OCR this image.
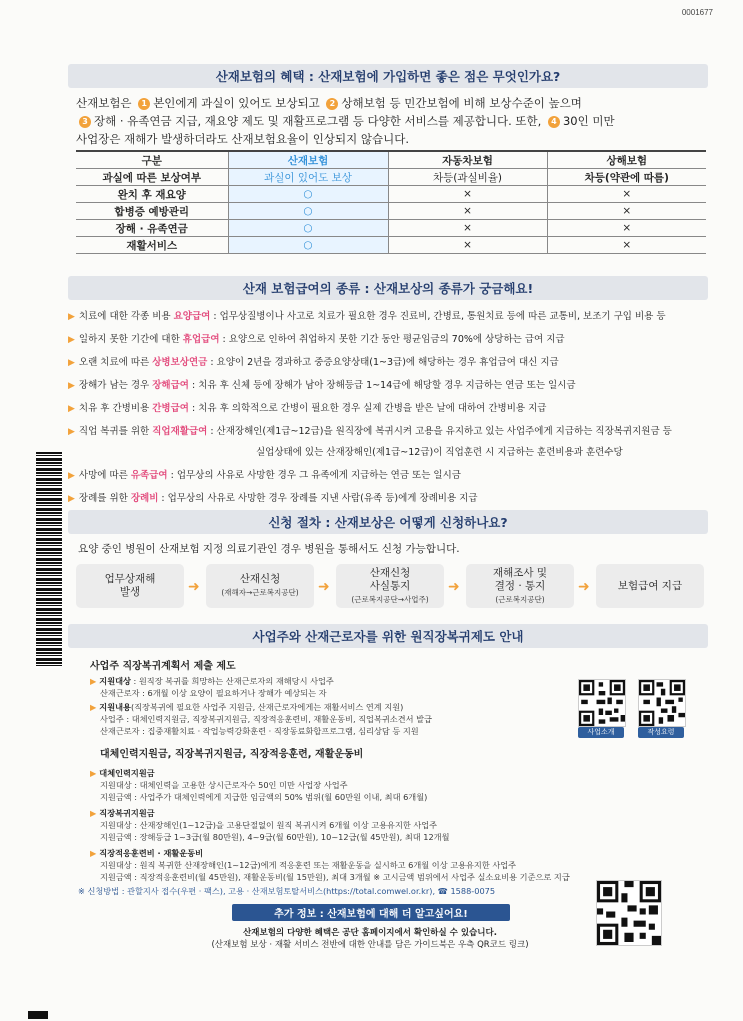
0001677
산재보험의 혜택 : 산재보험에 가입하면 좋은 점은 무엇인가요?
산재보험은 1 본인에게 과실이 있어도 보상되고 2 상해보험 등 민간보험에 비해 보상수준이 높으며
3 장해 · 유족연금 지급, 재요양 제도 및 재활프로그램 등 다양한 서비스를 제공합니다. 또한, 4 30인 미만
사업장은 재해가 발생하더라도 산재보험요율이 인상되지 않습니다.
구분	산재보험	자동차보험	상해보험
과실에 따른 보상여부	과실이 있어도 보상	차등(과실비율)	차등(약관에 따름)
완치 후 재요양	○	×	×
합병증 예방관리	○	×	×
장해 · 유족연금	○	×	×
재활서비스	○	×	×
산재 보험급여의 종류 : 산재보상의 종류가 궁금해요!
▶ 치료에 대한 각종 비용 요양급여 : 업무상질병이나 사고로 치료가 필요한 경우 진료비, 간병료, 통원치료 등에 따른 교통비, 보조기 구입 비용 등
▶ 일하지 못한 기간에 대한 휴업급여 : 요양으로 인하여 취업하지 못한 기간 동안 평균임금의 70%에 상당하는 급여 지급
▶ 오랜 치료에 따른 상병보상연금 : 요양이 2년을 경과하고 중증요양상태(1~3급)에 해당하는 경우 휴업급여 대신 지급
▶ 장해가 남는 경우 장해급여 : 치유 후 신체 등에 장해가 남아 장해등급 1~14급에 해당할 경우 지급하는 연금 또는 일시금
▶ 치유 후 간병비용 간병급여 : 치유 후 의학적으로 간병이 필요한 경우 실제 간병을 받은 날에 대하여 간병비용 지급
▶ 직업 복귀를 위한 직업재활급여 : 산재장해인(제1급~12급)을 원직장에 복귀시켜 고용을 유지하고 있는 사업주에게 지급하는 직장복귀지원금 등
실업상태에 있는 산재장해인(제1급~12급)이 직업훈련 시 지급하는 훈련비용과 훈련수당
▶ 사망에 따른 유족급여 : 업무상의 사유로 사망한 경우 그 유족에게 지급하는 연금 또는 일시금
▶ 장례를 위한 장례비 : 업무상의 사유로 사망한 경우 장례를 지낸 사람(유족 등)에게 장례비용 지급
신청 절차 : 산재보상은 어떻게 신청하나요?
요양 중인 병원이 산재보험 지정 의료기관인 경우 병원을 통해서도 신청 가능합니다.
업무상재해
발생	➜	산재신청
(재해자→근로복지공단) ➜
산재신청
사실통지
(근로복지공단→사업주)
➜
재해조사 및
결정 · 통지
(근로복지공단)
➜	보험급여 지급
사업주와 산재근로자를 위한 원직장복귀제도 안내
사업주 직장복귀계획서 제출 제도
▶ 지원대상 : 원직장 복귀를 희망하는 산재근로자의 재해당시 사업주
산재근로자 : 6개월 이상 요양이 필요하거나 장해가 예상되는 자
▶ 지원내용(직장복귀에 필요한 사업주 지원금, 산재근로자에게는 재활서비스 연계 지원)
사업주 : 대체인력지원금, 직장복귀지원금, 직장적응훈련비, 재활운동비, 직업복귀소견서 발급
산재근로자 : 집중재활치료 · 작업능력강화훈련 · 직장동료화합프로그램, 심리상담 등 지원
대체인력지원금, 직장복귀지원금, 직장적응훈련, 재활운동비
▶ 대체인력지원금
지원대상 : 대체인력을 고용한 상시근로자수 50인 미만 사업장 사업주
지원금액 : 사업주가 대체인력에게 지급한 임금액의 50% 범위(월 60만원 이내, 최대 6개월)
▶ 직장복귀지원금
지원대상 : 산재장해인(1~12급)을 고용단절없이 원직 복귀시켜 6개월 이상 고용유지한 사업주
지원금액 : 장해등급 1~3급(월 80만원), 4~9급(월 60만원), 10~12급(월 45만원), 최대 12개월
▶ 직장적응훈련비 · 재활운동비
지원대상 : 원직 복귀한 산재장해인(1~12급)에게 적응훈련 또는 재활운동을 실시하고 6개월 이상 고용유지한 사업주
지원금액 : 직장적응훈련비(월 45만원), 재활운동비(월 15만원), 최대 3개월 ※ 고시금액 범위에서 사업주 실소요비용 기준으로 지급
※ 신청방법 : 관할지사 접수(우편 · 팩스), 고용 · 산재보험토탈서비스(https://total.comwel.or.kr), ☎ 1588-0075
사업소개	작성요령
추가 정보 : 산재보험에 대해 더 알고싶어요!
산재보험의 다양한 혜택은 공단 홈페이지에서 확인하실 수 있습니다.
(산재보험 보상 · 재활 서비스 전반에 대한 안내를 담은 가이드북은 우측 QR코드 링크)
